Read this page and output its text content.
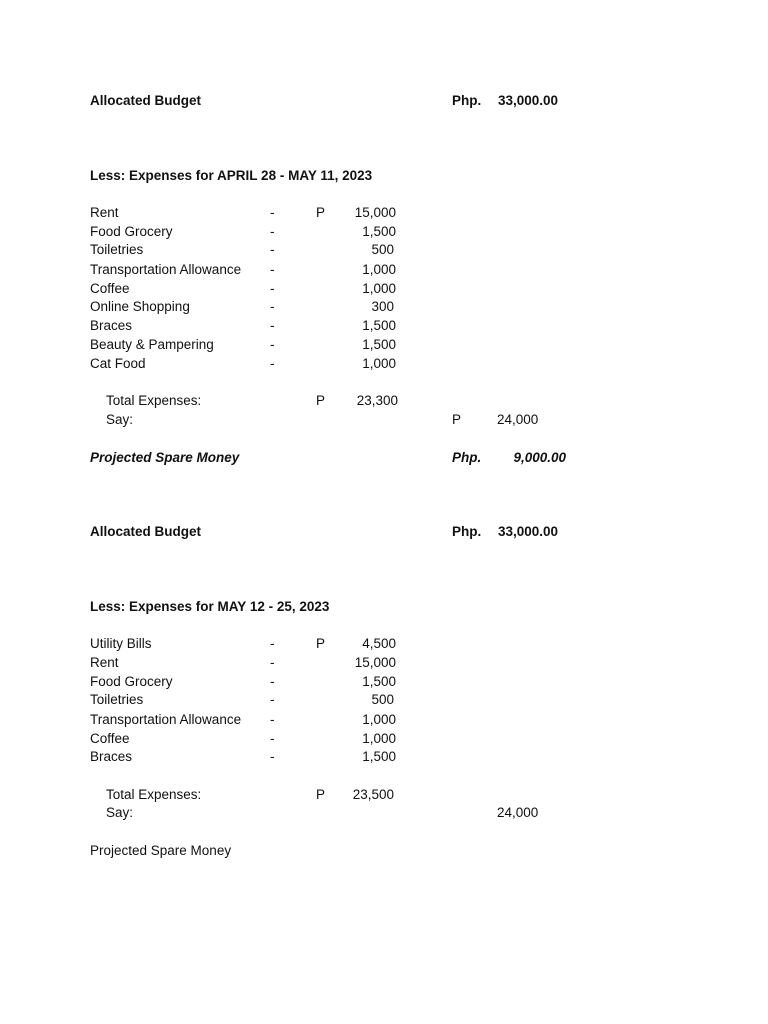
Allocated Budget	Php.	33,000.00
Less: Expenses for APRIL 28 - MAY 11, 2023
Rent	-	P	15,000
Food Grocery	-	1,500
Toiletries	-	500
Transportation Allowance -	1,000
Coffee	-	1,000
Online Shopping	-	300
Braces	-	1,500
Beauty & Pampering	-	1,500
Cat Food	-	1,000
Total Expenses:	P	23,300
Say:	P	24,000
Projected Spare Money	Php.	9,000.00
Allocated Budget	Php.	33,000.00
Less: Expenses for MAY 12 - 25, 2023
Utility Bills	-	P	4,500
Rent	-	15,000
Food Grocery	-	1,500
Toiletries	-	500
Transportation Allowance -	1,000
Coffee	-	1,000
Braces	-	1,500
Total Expenses:	P	23,500
Say:	24,000
Projected Spare Money
